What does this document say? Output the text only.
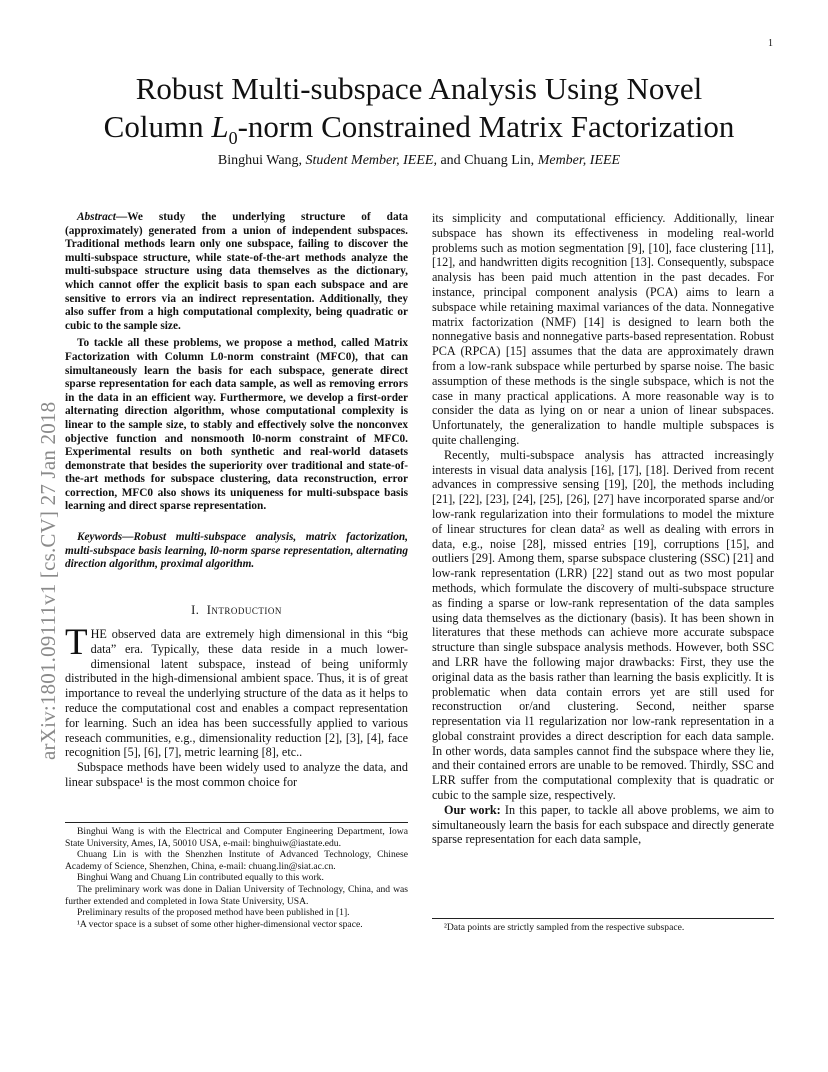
1
arXiv:1801.09111v1 [cs.CV] 27 Jan 2018
Robust Multi-subspace Analysis Using Novel
Column $L_0$-norm Constrained Matrix Factorization
Binghui Wang, Student Member, IEEE, and Chuang Lin, Member, IEEE

Abstract—We study the underlying structure of data (approximately) generated from a union of independent subspaces. Traditional methods learn only one subspace, failing to discover the multi-subspace structure, while state-of-the-art methods analyze the multi-subspace structure using data themselves as the dictionary, which cannot offer the explicit basis to span each subspace and are sensitive to errors via an indirect representation. Additionally, they also suffer from a high computational complexity, being quadratic or cubic to the sample size.

To tackle all these problems, we propose a method, called Matrix Factorization with Column L0-norm constraint (MFC0), that can simultaneously learn the basis for each subspace, generate direct sparse representation for each data sample, as well as removing errors in the data in an efficient way. Furthermore, we develop a first-order alternating direction algorithm, whose computational complexity is linear to the sample size, to stably and effectively solve the nonconvex objective function and nonsmooth l0-norm constraint of MFC0. Experimental results on both synthetic and real-world datasets demonstrate that besides the superiority over traditional and state-of-the-art methods for subspace clustering, data reconstruction, error correction, MFC0 also shows its uniqueness for multi-subspace basis learning and direct sparse representation.

Keywords—Robust multi-subspace analysis, matrix factorization, multi-subspace basis learning, l0-norm sparse representation, alternating direction algorithm, proximal algorithm.
I. Introduction

THE observed data are extremely high dimensional in this “big data” era. Typically, these data reside in a much lower-dimensional latent subspace, instead of being uniformly distributed in the high-dimensional ambient space. Thus, it is of great importance to reveal the underlying structure of the data as it helps to reduce the computational cost and enables a compact representation for learning. Such an idea has been successfully applied to various reseach communities, e.g., dimensionality reduction [2], [3], [4], face recognition [5], [6], [7], metric learning [8], etc..

Subspace methods have been widely used to analyze the data, and linear subspace¹ is the most common choice for

Binghui Wang is with the Electrical and Computer Engineering Department, Iowa State University, Ames, IA, 50010 USA, e-mail: binghuiw@iastate.edu.

Chuang Lin is with the Shenzhen Institute of Advanced Technology, Chinese Academy of Science, Shenzhen, China, e-mail: chuang.lin@siat.ac.cn.

Binghui Wang and Chuang Lin contributed equally to this work.

The preliminary work was done in Dalian University of Technology, China, and was further extended and completed in Iowa State University, USA.

Preliminary results of the proposed method have been published in [1].

¹A vector space is a subset of some other higher-dimensional vector space.

its simplicity and computational efficiency. Additionally, linear subspace has shown its effectiveness in modeling real-world problems such as motion segmentation [9], [10], face clustering [11], [12], and handwritten digits recognition [13]. Consequently, subspace analysis has been paid much attention in the past decades. For instance, principal component analysis (PCA) aims to learn a subspace while retaining maximal variances of the data. Nonnegative matrix factorization (NMF) [14] is designed to learn both the nonnegative basis and nonnegative parts-based representation. Robust PCA (RPCA) [15] assumes that the data are approximately drawn from a low-rank subspace while perturbed by sparse noise. The basic assumption of these methods is the single subspace, which is not the case in many practical applications. A more reasonable way is to consider the data as lying on or near a union of linear subspaces. Unfortunately, the generalization to handle multiple subspaces is quite challenging.

Recently, multi-subspace analysis has attracted increasingly interests in visual data analysis [16], [17], [18]. Derived from recent advances in compressive sensing [19], [20], the methods including [21], [22], [23], [24], [25], [26], [27] have incorporated sparse and/or low-rank regularization into their formulations to model the mixture of linear structures for clean data² as well as dealing with errors in data, e.g., noise [28], missed entries [19], corruptions [15], and outliers [29]. Among them, sparse subspace clustering (SSC) [21] and low-rank representation (LRR) [22] stand out as two most popular methods, which formulate the discovery of multi-subspace structure as finding a sparse or low-rank representation of the data samples using data themselves as the dictionary (basis). It has been shown in literatures that these methods can achieve more accurate subspace structure than single subspace analysis methods. However, both SSC and LRR have the following major drawbacks: First, they use the original data as the basis rather than learning the basis explicitly. It is problematic when data contain errors yet are still used for reconstruction or/and clustering. Second, neither sparse representation via l1 regularization nor low-rank representation in a global constraint provides a direct description for each data sample. In other words, data samples cannot find the subspace where they lie, and their contained errors are unable to be removed. Thirdly, SSC and LRR suffer from the computational complexity that is quadratic or cubic to the sample size, respectively.

Our work: In this paper, to tackle all above problems, we aim to simultaneously learn the basis for each subspace and directly generate sparse representation for each data sample,

²Data points are strictly sampled from the respective subspace.
